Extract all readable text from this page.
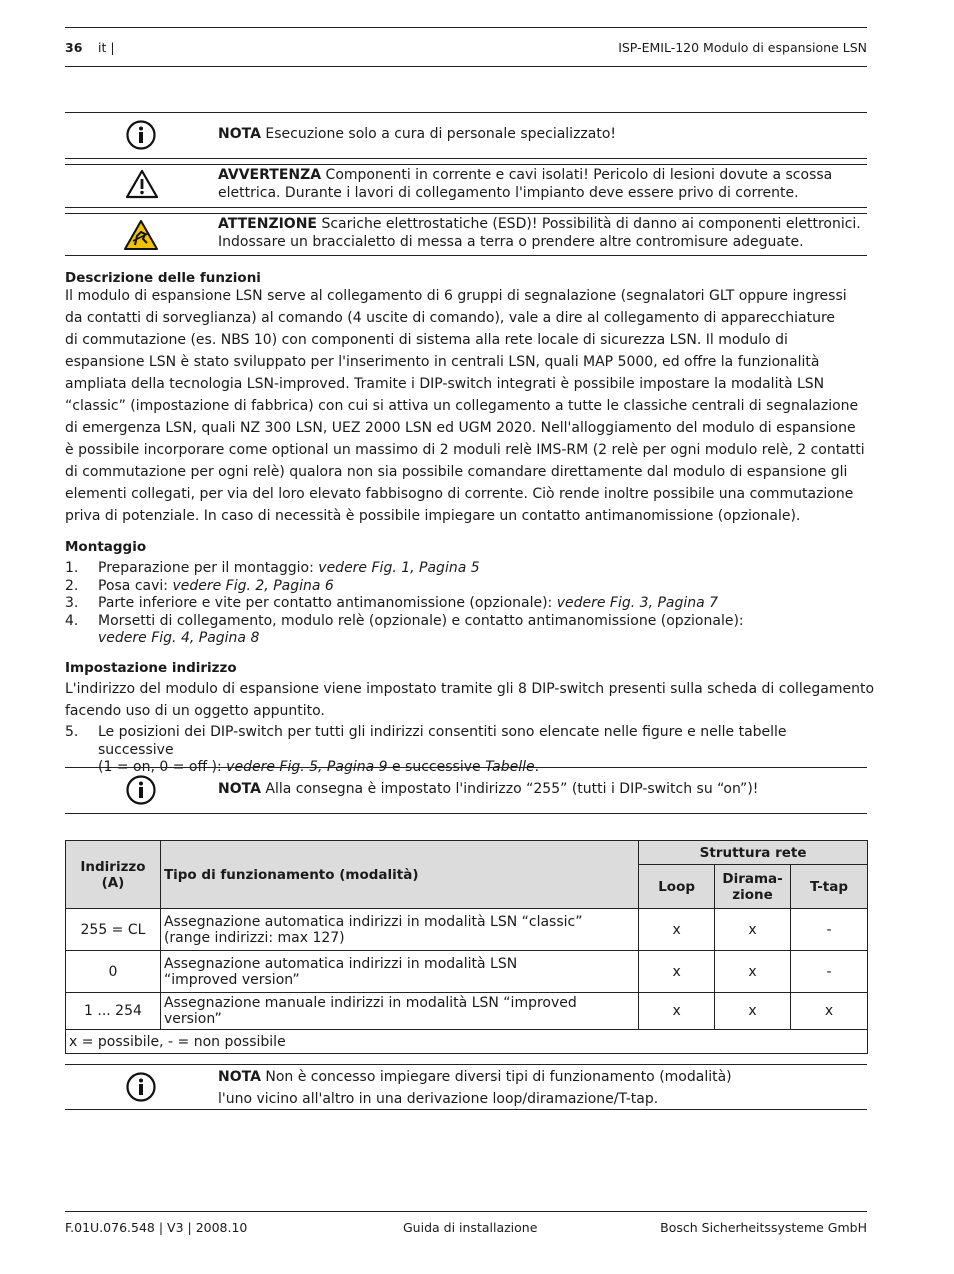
36 it |	ISP-EMIL-120 Modulo di espansione LSN
NOTA Esecuzione solo a cura di personale specializzato!
AVVERTENZA Componenti in corrente e cavi isolati! Pericolo di lesioni dovute a scossa elettrica. Durante i lavori di collegamento l'impianto deve essere privo di corrente.
ATTENZIONE Scariche elettrostatiche (ESD)! Possibilità di danno ai componenti elettronici. Indossare un braccialetto di messa a terra o prendere altre contromisure adeguate.
Descrizione delle funzioni
Il modulo di espansione LSN serve al collegamento di 6 gruppi di segnalazione (segnalatori GLT oppure ingressi
da contatti di sorveglianza) al comando (4 uscite di comando), vale a dire al collegamento di apparecchiature
di commutazione (es. NBS 10) con componenti di sistema alla rete locale di sicurezza LSN. Il modulo di
espansione LSN è stato sviluppato per l'inserimento in centrali LSN, quali MAP 5000, ed offre la funzionalità
ampliata della tecnologia LSN-improved. Tramite i DIP-switch integrati è possibile impostare la modalità LSN
“classic” (impostazione di fabbrica) con cui si attiva un collegamento a tutte le classiche centrali di segnalazione
di emergenza LSN, quali NZ 300 LSN, UEZ 2000 LSN ed UGM 2020. Nell'alloggiamento del modulo di espansione
è possibile incorporare come optional un massimo di 2 moduli relè IMS-RM (2 relè per ogni modulo relè, 2 contatti
di commutazione per ogni relè) qualora non sia possibile comandare direttamente dal modulo di espansione gli
elementi collegati, per via del loro elevato fabbisogno di corrente. Ciò rende inoltre possibile una commutazione
priva di potenziale. In caso di necessità è possibile impiegare un contatto antimanomissione (opzionale).
Montaggio
1.	Preparazione per il montaggio: vedere Fig. 1, Pagina 5
2.	Posa cavi: vedere Fig. 2, Pagina 6
3.	Parte inferiore e vite per contatto antimanomissione (opzionale): vedere Fig. 3, Pagina 7
4.	Morsetti di collegamento, modulo relè (opzionale) e contatto antimanomissione (opzionale):
vedere Fig. 4, Pagina 8
Impostazione indirizzo
L'indirizzo del modulo di espansione viene impostato tramite gli 8 DIP-switch presenti sulla scheda di collegamento
facendo uso di un oggetto appuntito.
5.	Le posizioni dei DIP-switch per tutti gli indirizzi consentiti sono elencate nelle figure e nelle tabelle successive
(1 = on, 0 = off ): vedere Fig. 5, Pagina 9 e successive Tabelle.
NOTA Alla consegna è impostato l'indirizzo “255” (tutti i DIP-switch su “on”)!
Indirizzo (A)	Tipo di funzionamento (modalità)	Struttura rete		
		Loop	Dirama-zione	T-tap
255 = CL	Assegnazione automatica indirizzi in modalità LSN “classic”
(range indirizzi: max 127)	x	x	-
0	Assegnazione automatica indirizzi in modalità LSN
“improved version”	x	x	-
1 ... 254	Assegnazione manuale indirizzi in modalità LSN “improved version”	x	x	x
x = possibile, - = non possibile				
NOTA Non è concesso impiegare diversi tipi di funzionamento (modalità)
l'uno vicino all'altro in una derivazione loop/diramazione/T-tap.
F.01U.076.548 | V3 | 2008.10	Guida di installazione	Bosch Sicherheitssysteme GmbH
